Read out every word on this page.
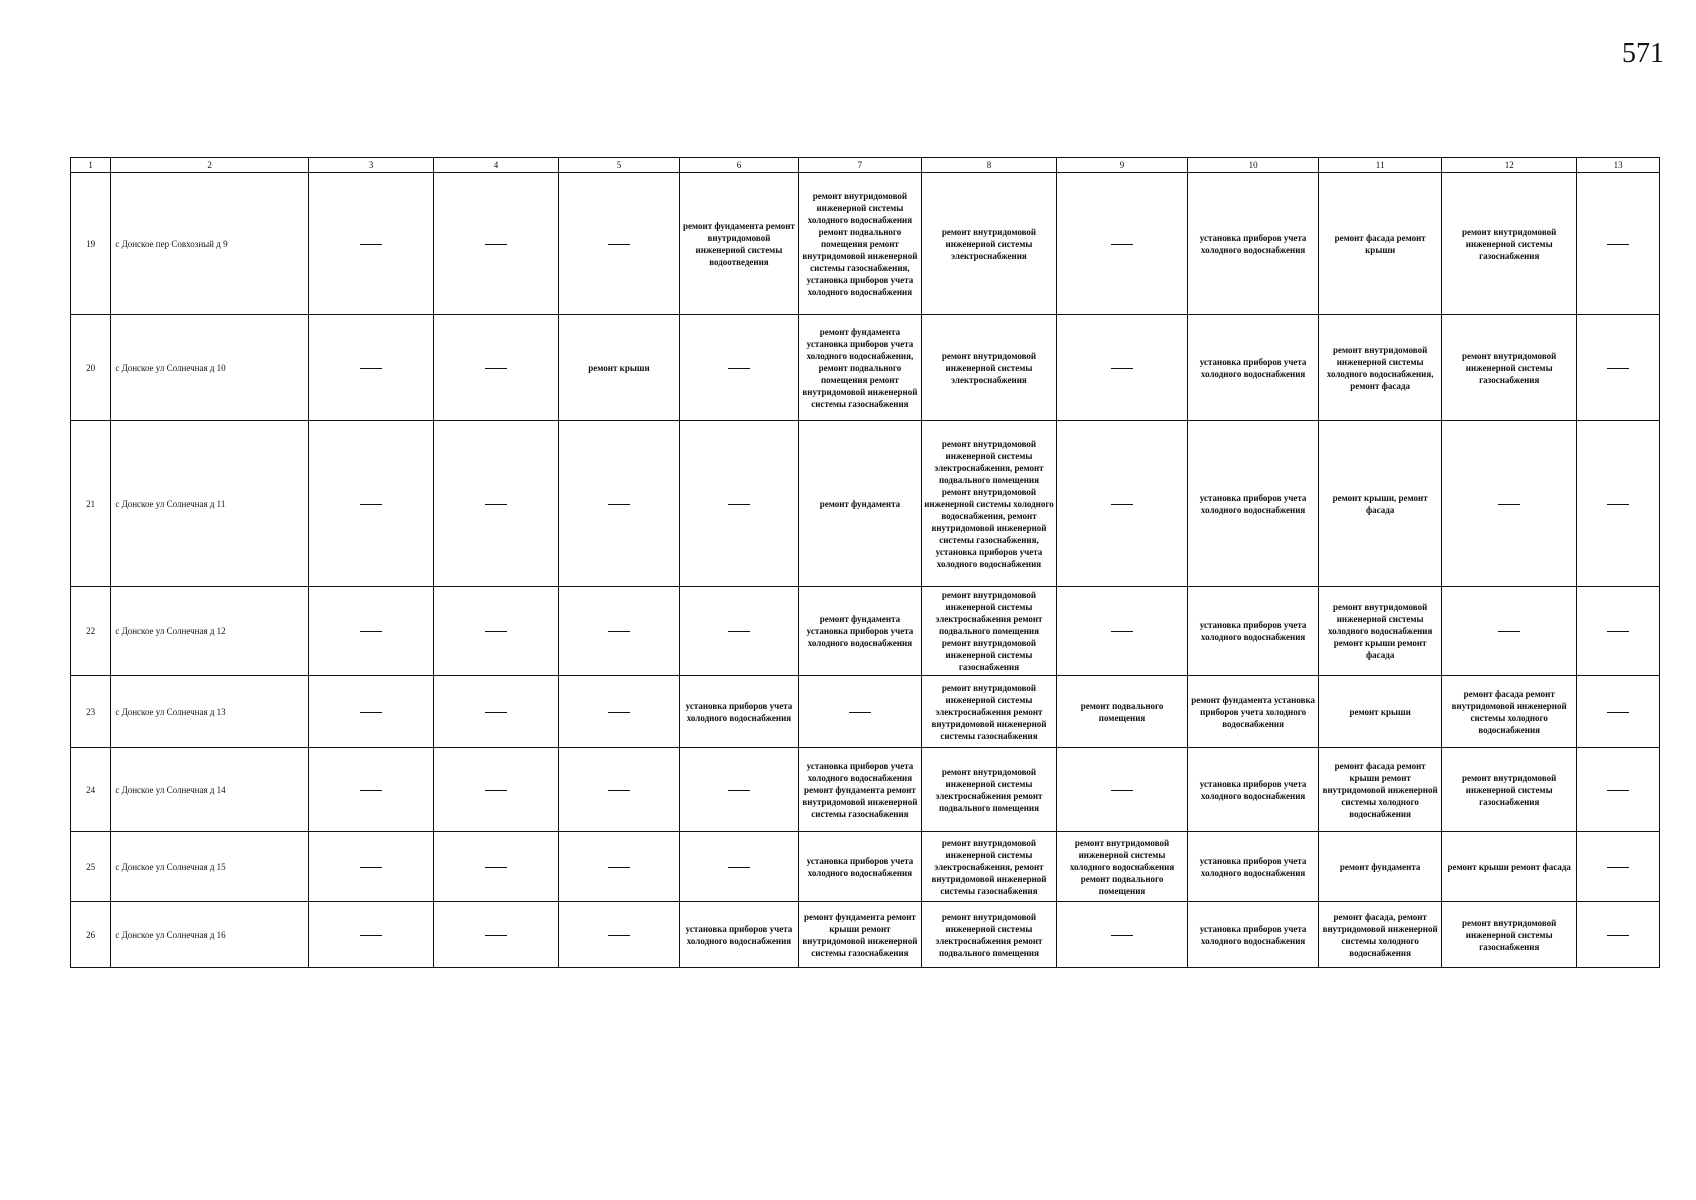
571
1	2	3	4	5	6	7	8	9	10	11	12	13
19	с Донское пер Совхозный д 9				ремонт фундамента ремонт внутридомовой инженерной системы водоотведения	ремонт внутридомовой инженерной системы холодного водоснабжения ремонт подвального помещения ремонт внутридомовой инженерной системы газоснабжения, установка приборов учета холодного водоснабжения	ремонт внутридомовой инженерной системы электроснабжения		установка приборов учета холодного водоснабжения	ремонт фасада ремонт крыши	ремонт внутридомовой инженерной системы газоснабжения	
20	с Донское ул Солнечная д 10			ремонт крыши		ремонт фундамента установка приборов учета холодного водоснабжения, ремонт подвального помещения ремонт внутридомовой инженерной системы газоснабжения	ремонт внутридомовой инженерной системы электроснабжения		установка приборов учета холодного водоснабжения	ремонт внутридомовой инженерной системы холодного водоснабжения, ремонт фасада	ремонт внутридомовой инженерной системы газоснабжения	
21	с Донское ул Солнечная д 11					ремонт фундамента	ремонт внутридомовой инженерной системы электроснабжения, ремонт подвального помещения ремонт внутридомовой инженерной системы холодного водоснабжения, ремонт внутридомовой инженерной системы газоснабжения, установка приборов учета холодного водоснабжения		установка приборов учета холодного водоснабжения	ремонт крыши, ремонт фасада		
22	с Донское ул Солнечная д 12					ремонт фундамента установка приборов учета холодного водоснабжения	ремонт внутридомовой инженерной системы электроснабжения ремонт подвального помещения ремонт внутридомовой инженерной системы газоснабжения		установка приборов учета холодного водоснабжения	ремонт внутридомовой инженерной системы холодного водоснабжения ремонт крыши ремонт фасада		
23	с Донское ул Солнечная д 13				установка приборов учета холодного водоснабжения		ремонт внутридомовой инженерной системы электроснабжения ремонт внутридомовой инженерной системы газоснабжения	ремонт подвального помещения	ремонт фундамента установка приборов учета холодного водоснабжения	ремонт крыши	ремонт фасада ремонт внутридомовой инженерной системы холодного водоснабжения	
24	с Донское ул Солнечная д 14					установка приборов учета холодного водоснабжения ремонт фундамента ремонт внутридомовой инженерной системы газоснабжения	ремонт внутридомовой инженерной системы электроснабжения ремонт подвального помещения		установка приборов учета холодного водоснабжения	ремонт фасада ремонт крыши ремонт внутридомовой инженерной системы холодного водоснабжения	ремонт внутридомовой инженерной системы газоснабжения	
25	с Донское ул Солнечная д 15					установка приборов учета холодного водоснабжения	ремонт внутридомовой инженерной системы электроснабжения, ремонт внутридомовой инженерной системы газоснабжения	ремонт внутридомовой инженерной системы холодного водоснабжения ремонт подвального помещения	установка приборов учета холодного водоснабжения	ремонт фундамента	ремонт крыши ремонт фасада	
26	с Донское ул Солнечная д 16				установка приборов учета холодного водоснабжения	ремонт фундамента ремонт крыши ремонт внутридомовой инженерной системы газоснабжения	ремонт внутридомовой инженерной системы электроснабжения ремонт подвального помещения		установка приборов учета холодного водоснабжения	ремонт фасада, ремонт внутридомовой инженерной системы холодного водоснабжения	ремонт внутридомовой инженерной системы газоснабжения	
